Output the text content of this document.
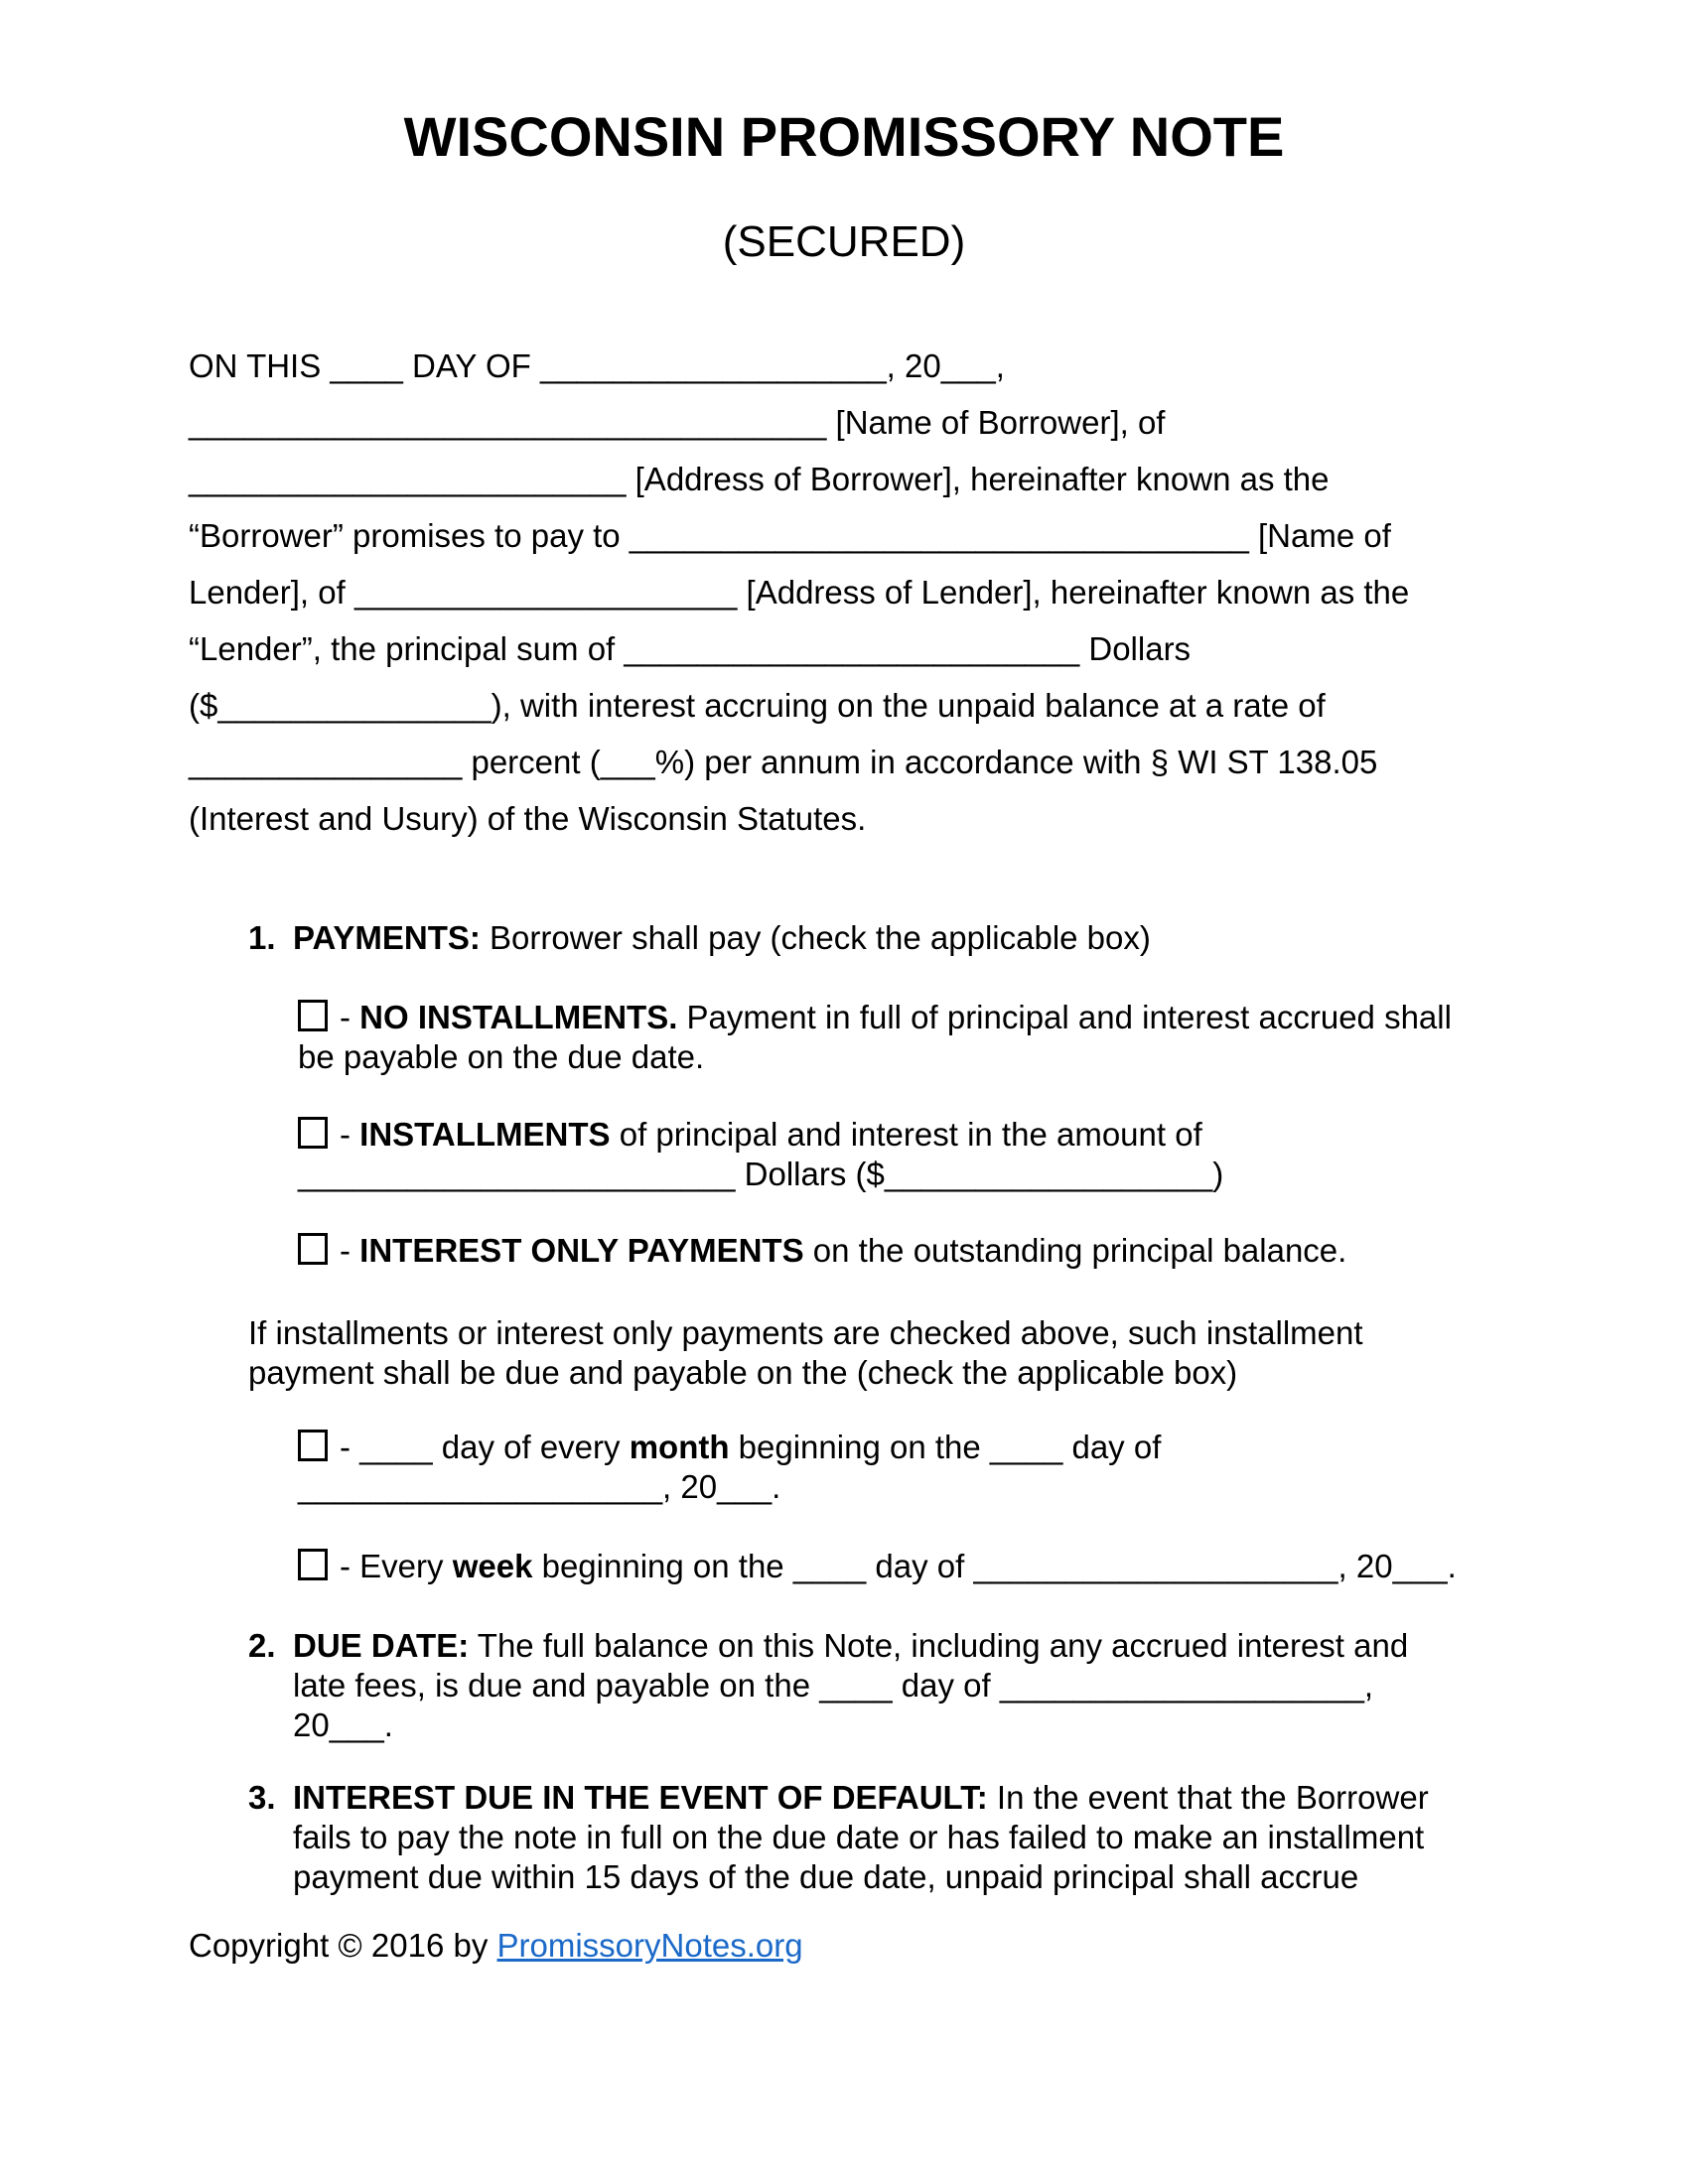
WISCONSIN PROMISSORY NOTE
(SECURED)
ON THIS ____ DAY OF ___________________, 20___,
___________________________________ [Name of Borrower], of
________________________ [Address of Borrower], hereinafter known as the
“Borrower” promises to pay to __________________________________ [Name of
Lender], of _____________________ [Address of Lender], hereinafter known as the
“Lender”, the principal sum of _________________________ Dollars
($_______________), with interest accruing on the unpaid balance at a rate of
_______________ percent (___%) per annum in accordance with § WI ST 138.05
(Interest and Usury) of the Wisconsin Statutes.
1. PAYMENTS: Borrower shall pay (check the applicable box)
- NO INSTALLMENTS. Payment in full of principal and interest accrued shall
be payable on the due date.
- INSTALLMENTS of principal and interest in the amount of
________________________ Dollars ($__________________)
- INTEREST ONLY PAYMENTS on the outstanding principal balance.
If installments or interest only payments are checked above, such installment
payment shall be due and payable on the (check the applicable box)
- ____ day of every month beginning on the ____ day of
____________________, 20___.
- Every week beginning on the ____ day of ____________________, 20___.
2. DUE DATE: The full balance on this Note, including any accrued interest and
late fees, is due and payable on the ____ day of ____________________,
20___.
3. INTEREST DUE IN THE EVENT OF DEFAULT: In the event that the Borrower
fails to pay the note in full on the due date or has failed to make an installment
payment due within 15 days of the due date, unpaid principal shall accrue
Copyright © 2016 by PromissoryNotes.org
